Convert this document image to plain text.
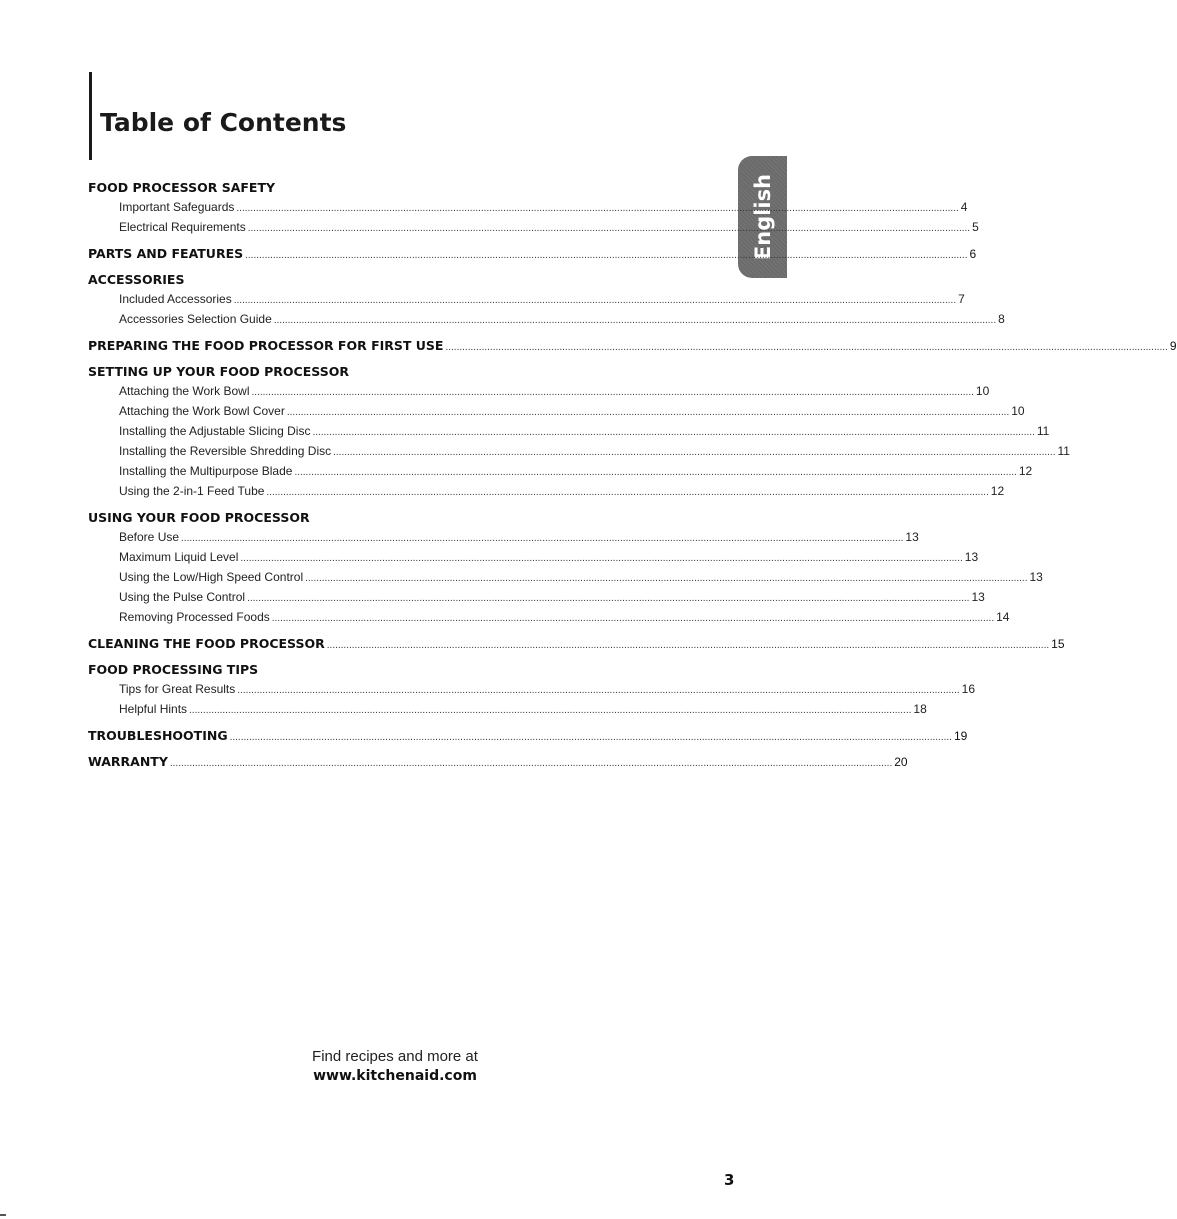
Table of Contents
English
FOOD PROCESSOR SAFETY
Important Safeguards .................................................................................................................................................................................................................................................................... 4
Electrical Requirements .................................................................................................................................................................................................................................................................... 5
PARTS AND FEATURES .................................................................................................................................................................................................................................................................... 6
ACCESSORIES
Included Accessories .................................................................................................................................................................................................................................................................... 7
Accessories Selection Guide .................................................................................................................................................................................................................................................................... 8
PREPARING THE FOOD PROCESSOR FOR FIRST USE .................................................................................................................................................................................................................................................................... 9
SETTING UP YOUR FOOD PROCESSOR
Attaching the Work Bowl .................................................................................................................................................................................................................................................................... 10
Attaching the Work Bowl Cover .................................................................................................................................................................................................................................................................... 10
Installing the Adjustable Slicing Disc .................................................................................................................................................................................................................................................................... 11
Installing the Reversible Shredding Disc .................................................................................................................................................................................................................................................................... 11
Installing the Multipurpose Blade .................................................................................................................................................................................................................................................................... 12
Using the 2-in-1 Feed Tube .................................................................................................................................................................................................................................................................... 12
USING YOUR FOOD PROCESSOR
Before Use .................................................................................................................................................................................................................................................................... 13
Maximum Liquid Level .................................................................................................................................................................................................................................................................... 13
Using the Low/High Speed Control .................................................................................................................................................................................................................................................................... 13
Using the Pulse Control .................................................................................................................................................................................................................................................................... 13
Removing Processed Foods .................................................................................................................................................................................................................................................................... 14
CLEANING THE FOOD PROCESSOR .................................................................................................................................................................................................................................................................... 15
FOOD PROCESSING TIPS
Tips for Great Results .................................................................................................................................................................................................................................................................... 16
Helpful Hints .................................................................................................................................................................................................................................................................... 18
TROUBLESHOOTING .................................................................................................................................................................................................................................................................... 19
WARRANTY .................................................................................................................................................................................................................................................................... 20
Find recipes and more at
www.kitchenaid.com
3
